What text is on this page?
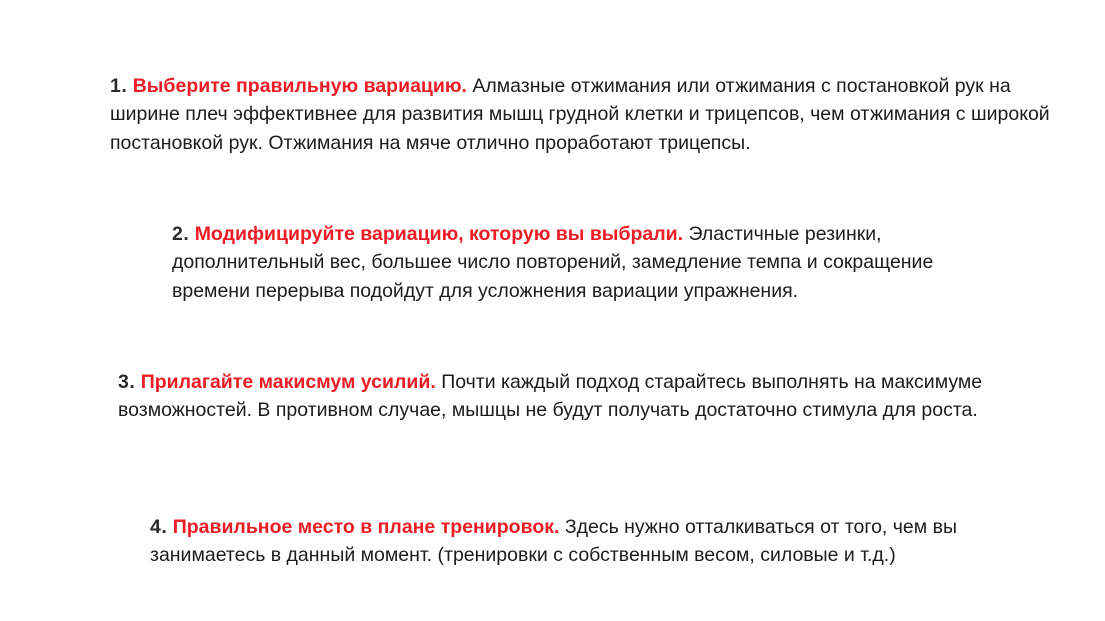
1. Выберите правильную вариацию. Алмазные отжимания или отжимания с постановкой рук на ширине плеч эффективнее для развития мышц грудной клетки и трицепсов, чем отжимания с широкой постановкой рук. Отжимания на мяче отлично проработают трицепсы.

2. Модифицируйте вариацию, которую вы выбрали. Эластичные резинки, дополнительный вес, большее число повторений, замедление темпа и сокращение времени перерыва подойдут для усложнения вариации упражнения.

3. Прилагайте макисмум усилий. Почти каждый подход старайтесь выполнять на максимуме возможностей. В противном случае, мышцы не будут получать достаточно стимула для роста.

4. Правильное место в плане тренировок. Здесь нужно отталкиваться от того, чем вы занимаетесь в данный момент. (тренировки с собственным весом, силовые и т.д.)
